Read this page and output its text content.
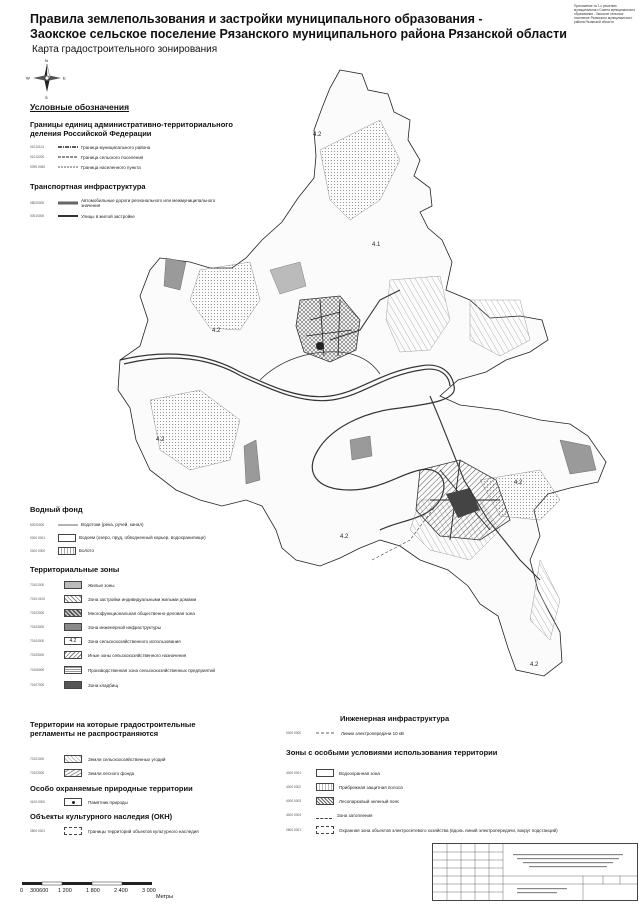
Правила землепользования и застройки муниципального образования -
Заокское сельское поселение Рязанского муниципального района Рязанской области
Карта градостроительного зонирования
Приложение № 1 к решению муниципального Совета муниципального образования - Заокское сельское поселение Рязанского муниципального района Рязанской области
4.2
4.1
4.2
4.2
4.2
4.2
4.2
N
S
E
W
Условные обозначения
Границы единиц административно-территориального
деления Российской Федерации
01010101	Граница муниципального района
01010200	Граница сельского поселения
0099.0060	Граница населенного пункта
Транспортная инфраструктура
08020000	Автомобильные дороги регионального или межмуниципального значения
00010000	Улицы в жилой застройке
Водный фонд
50020000	Водотоки (река, ручей, канал)
0000.0001	Водоем (озеро, пруд, обводненный карьер, водохранилище)
2000.0000	Болото
Территориальные зоны
70101000	Жилые зоны
7010.0100	Зона застройки индивидуальными жилыми домами
70102000	Многофункциональная общественно-деловая зона
70103000	Зона инженерной инфраструктуры
70104000	4.2	Зона сельскохозяйственного использования
70105000	Иные зоны сельскохозяйственного назначения
70106000	Производственная зона сельскохозяйственных предприятий
70107000	Зона кладбищ
Территории на которые градостроительные
регламенты не распространяются
70101000	Земли сельскохозяйственных угодий
70102000	Земли лесного фонда
Особо охраняемые природные территории
4100.0000	Памятник природы
Объекты культурного наследия (ОКН)
2800.0001	Границы территорий объектов культурного наследия
Инженерная инфраструктура
0000.0000	Линии электропередачи 10 кВ
Зоны с особыми условиями использования территории
4000.0001	Водоохранная зона
4000.0002	Прибрежная защитная полоса
4000.0003	Лесопарковый зеленый пояс
4000.0004	Зона затопления
2600.0001	Охранная зона объектов электросетевого хозяйства (вдоль линий электропередачи, вокруг подстанций)
0 300600 1 200	1 800	2 400	3 000
Метры
